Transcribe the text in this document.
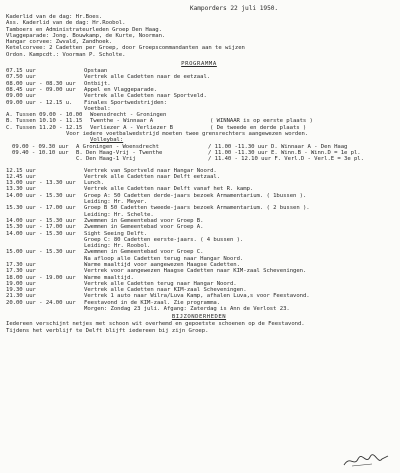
Kamporders 22 juli 1950.
Kaderlid van de dag: Hr.Boes.
Ass. Kaderlid van de dag: Hr.Roobol.
Tamboers en Administrateurleden Groep Den Haag.
Vlaggeparade: Jong. Bouwkamp, de Kurte, Noorman.
Hangar corvee: Zwvald, Zandhoek.
Ketelcorvee: 2 Cadetten per Groep, door Groepscommandanten aan te wijzen
Ordon. Kampcdt.: Voorman P. Scholte.
PROGRAMMA
07.15 uur	Opstaan
07.50 uur	Vertrek alle Cadetten naar de eetzaal.
08.00 uur - 08.30 uur	Ontbijt.
08.45 uur - 09.00 uur	Appel en Vlaggeparade.
09.00 uur	Vertrek alle Cadetten naar Sportveld.
09.00 uur - 12.15 u.	Finales Sportwedstrijden:
Voetbal:
A. Tussen 09.00 - 10.00	Woensdrecht - Groningen
B. Tussen 10.10 - 11.15	Twenthe - Winnaar A	( WINNAAR is op eerste plaats )
C. Tussen 11.20 - 12.15	Verliezer A - Verliezer B	( De tweede en derde plaats )
Voor iedere voetbalwedstrijd moeten twee grensrechters aangewezen worden.
Volleybal:
09.00 - 09.30 uur	A Groningen - Woensdrecht	/ 11.00 -11.30 uur D. Winnaar A - Den Haag
09.40 - 10.10 uur	B. Den Haag-Vrij - Twenthe	/ 11.00 -11.30 uur E. Winn.B - Winn.D = 1e pl.
C. Den Haag-1 Vrij	/ 11.40 - 12.10 uur F. Verl.D - Verl.E = 3e pl.
12.15 uur	Vertrek van Sportveld naar Hangar Noord.
12.45 uur	Vertrek alle Cadetten naar Delft eetzaal.
13.00 uur - 13.30 uur	Lunch.
13.30 uur	Vertrek alle Cadetten naar Delft vanaf het R. kamp.
14.00 uur - 15.30 uur	Groep A: 50 Cadetten derde-jaars bezoek Armamentarium. ( 1bussen ).
Leiding: Hr. Meyer.
15.30 uur - 17.00 uur	Groep B 50 Cadetten tweede-jaars bezoek Armamentarium. ( 2 bussen ).
Leiding: Hr. Schelte.
14.00 uur - 15.30 uur	Zwemmen in Gemeentebad voor Groep B.
15.30 uur - 17.00 uur	Zwemmen in Gemeentebad voor Groep A.
14.00 uur - 15.30 uur	Sight Seeing Delft.
Groep C: 80 Cadetten eerste-jaars. ( 4 bussen ).
Leiding: Hr. Roobol.
15.00 uur - 15.30 uur	Zwemmen in Gemeentebad voor Groep C.
Na afloop alle Cadetten terug naar Hangar Noord.
17.30 uur	Warme maaltijd voor aangewezen Haagse Cadetten.
17.30 uur	Vertrek voor aangewezen Haagse Cadetten naar KIM-zaal Scheveningen.
18.00 uur - 19.00 uur	Warme maaltijd.
19.00 uur	Vertrek alle Cadetten terug naar Hangar Noord.
19.30 uur	Vertrek alle Cadetten naar KIM-zaal Scheveningen.
21.30 uur	Vertrek 1 auto naar Wilra/Luva Kamp, afhalen Luva,s voor Feestavond.
20.00 uur - 24.00 uur	Feestavond in de KIM-zaal. Zie programma.
Morgen: Zondag 23 juli. Afgang: Zaterdag is Ann de Verlost 23.
BIJZONDERHEDEN
Iedereen verschijnt netjes met schoon wit overhemd en gepoetste schoenen op de Feestavond.
Tijdens het verblijf te Delft blijft iedereen bij zijn Groep.
